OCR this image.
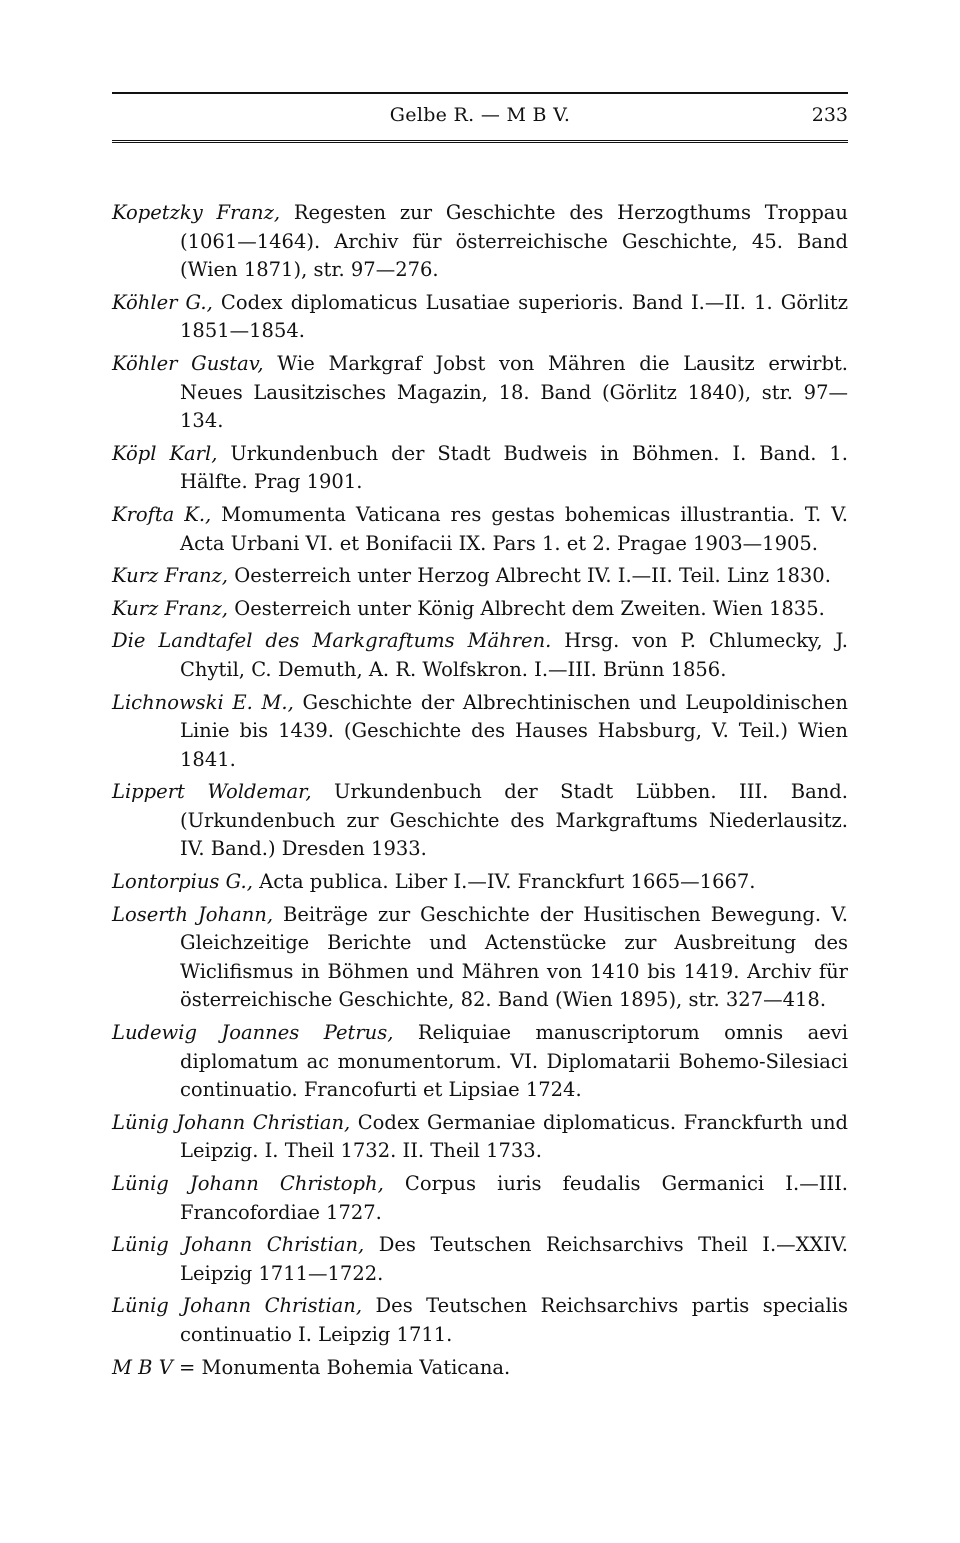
Gelbe R. — M B V.	233

Kopetzky Franz, Regesten zur Geschichte des Herzogthums Troppau (1061—1464). Archiv für österreichische Geschichte, 45. Band (Wien 1871), str. 97—276.

Köhler G., Codex diplomaticus Lusatiae superioris. Band I.—II. 1. Görlitz 1851—1854.

Köhler Gustav, Wie Markgraf Jobst von Mähren die Lausitz erwirbt. Neues Lausitzisches Magazin, 18. Band (Görlitz 1840), str. 97—134.

Köpl Karl, Urkundenbuch der Stadt Budweis in Böhmen. I. Band. 1. Hälfte. Prag 1901.

Krofta K., Momumenta Vaticana res gestas bohemicas illustrantia. T. V. Acta Urbani VI. et Bonifacii IX. Pars 1. et 2. Pragae 1903—1905.

Kurz Franz, Oesterreich unter Herzog Albrecht IV. I.—II. Teil. Linz 1830.

Kurz Franz, Oesterreich unter König Albrecht dem Zweiten. Wien 1835.

Die Landtafel des Markgraftums Mähren. Hrsg. von P. Chlumecky, J. Chytil, C. Demuth, A. R. Wolfskron. I.—III. Brünn 1856.

Lichnowski E. M., Geschichte der Albrechtinischen und Leupoldinischen Linie bis 1439. (Geschichte des Hauses Habsburg, V. Teil.) Wien 1841.

Lippert Woldemar, Urkundenbuch der Stadt Lübben. III. Band. (Urkundenbuch zur Geschichte des Markgraftums Niederlausitz. IV. Band.) Dresden 1933.

Lontorpius G., Acta publica. Liber I.—IV. Franckfurt 1665—1667.

Loserth Johann, Beiträge zur Geschichte der Husitischen Bewegung. V. Gleichzeitige Berichte und Actenstücke zur Ausbreitung des Wiclifismus in Böhmen und Mähren von 1410 bis 1419. Archiv für österreichische Geschichte, 82. Band (Wien 1895), str. 327—418.

Ludewig Joannes Petrus, Reliquiae manuscriptorum omnis aevi diplomatum ac monumentorum. VI. Diplomatarii Bohemo-Silesiaci continuatio. Francofurti et Lipsiae 1724.

Lünig Johann Christian, Codex Germaniae diplomaticus. Franckfurth und Leipzig. I. Theil 1732. II. Theil 1733.

Lünig Johann Christoph, Corpus iuris feudalis Germanici I.—III. Francofordiae 1727.

Lünig Johann Christian, Des Teutschen Reichsarchivs Theil I.—XXIV. Leipzig 1711—1722.

Lünig Johann Christian, Des Teutschen Reichsarchivs partis specialis continuatio I. Leipzig 1711.

M B V = Monumenta Bohemia Vaticana.
